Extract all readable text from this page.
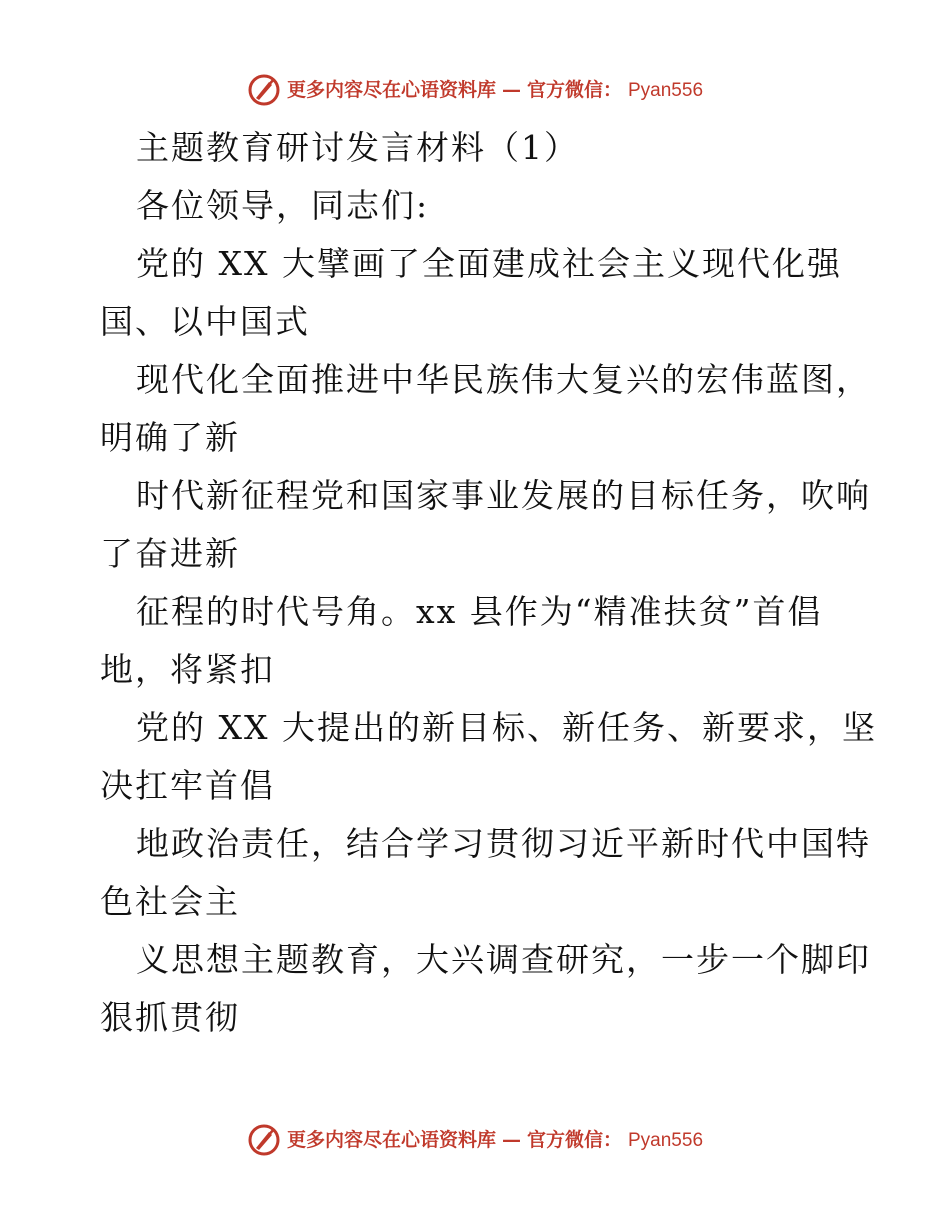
更多内容尽在心语资料库 — 官方微信： Pyan556
主题教育研讨发言材料（1）
各位领导，同志们:
党的 XX 大擘画了全面建成社会主义现代化强
国、以中国式
现代化全面推进中华民族伟大复兴的宏伟蓝图，
明确了新
时代新征程党和国家事业发展的目标任务，吹响
了奋进新
征程的时代号角。xx 县作为“精准扶贫”首倡
地，将紧扣
党的 XX 大提出的新目标、新任务、新要求，坚
决扛牢首倡
地政治责任，结合学习贯彻习近平新时代中国特
色社会主
义思想主题教育，大兴调查研究，一步一个脚印
狠抓贯彻
更多内容尽在心语资料库 — 官方微信： Pyan556
